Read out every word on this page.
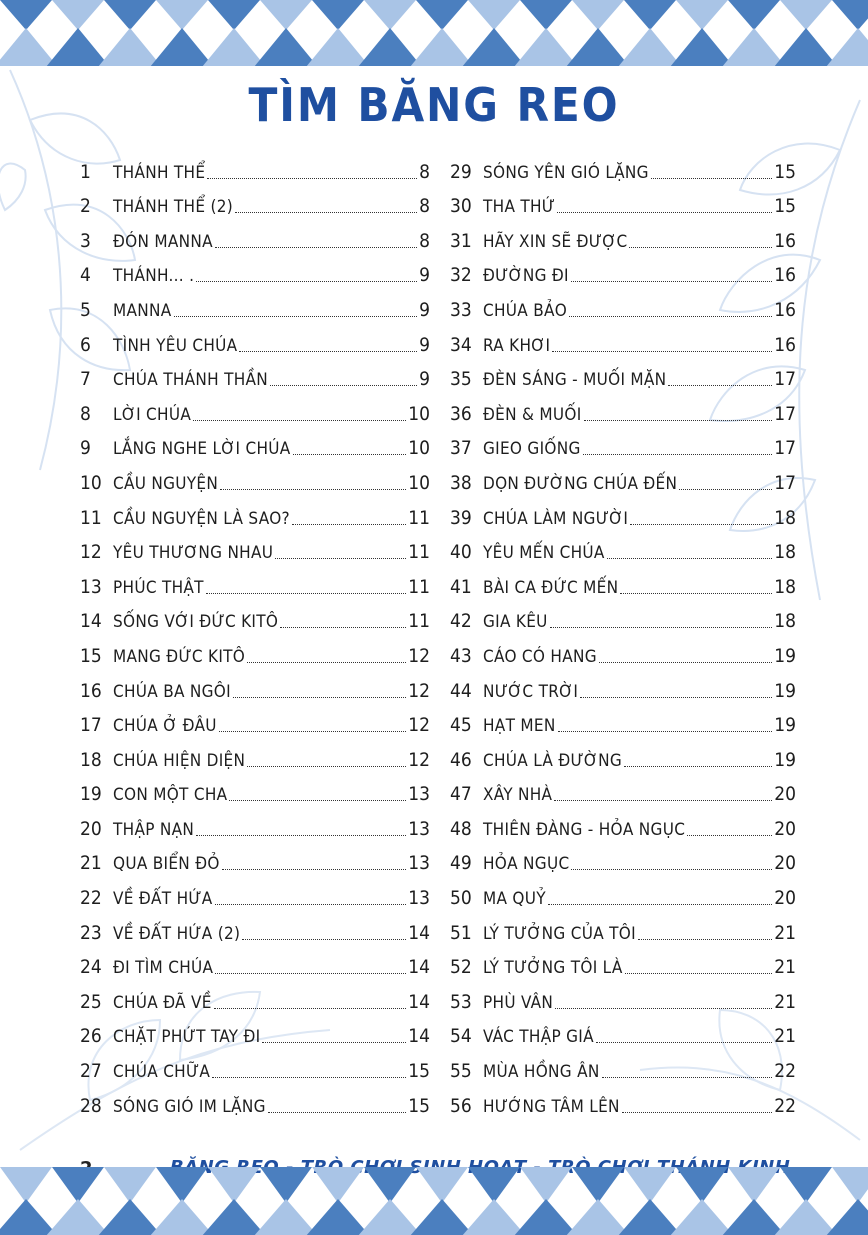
TÌM BĂNG REO
1	THÁNH THỂ	8
2	THÁNH THỂ (2)	8
3	ĐÓN MANNA	8
4	THÁNH... .	9
5	MANNA	9
6	TÌNH YÊU CHÚA	9
7	CHÚA THÁNH THẦN	9
8	LỜI CHÚA	10
9	LẮNG NGHE LỜI CHÚA	10
10 CẦU NGUYỆN	10
11 CẦU NGUYỆN LÀ SAO?	11
12 YÊU THƯƠNG NHAU	11
13 PHÚC THẬT	11
14 SỐNG VỚI ĐỨC KITÔ	11
15 MANG ĐỨC KITÔ	12
16 CHÚA BA NGÔI	12
17 CHÚA Ở ĐÂU	12
18 CHÚA HIỆN DIỆN	12
19 CON MỘT CHA	13
20 THẬP NẠN	13
21 QUA BIỂN ĐỎ	13
22 VỀ ĐẤT HỨA	13
23 VỀ ĐẤT HỨA (2)	14
24 ĐI TÌM CHÚA	14
25 CHÚA ĐÃ VỀ	14
26 CHẶT PHỨT TAY ĐI	14
27 CHÚA CHỮA	15
28 SÓNG GIÓ IM LẶNG	15
29 SÓNG YÊN GIÓ LẶNG	15
30 THA THỨ	15
31 HÃY XIN SẼ ĐƯỢC	16
32 ĐƯỜNG ĐI	16
33 CHÚA BẢO	16
34 RA KHƠI	16
35 ĐÈN SÁNG - MUỐI MẶN	17
36 ĐÈN & MUỐI	17
37 GIEO GIỐNG	17
38 DỌN ĐƯỜNG CHÚA ĐẾN	17
39 CHÚA LÀM NGƯỜI	18
40 YÊU MẾN CHÚA	18
41 BÀI CA ĐỨC MẾN	18
42 GIA KÊU	18
43 CÁO CÓ HANG	19
44 NƯỚC TRỜI	19
45 HẠT MEN	19
46 CHÚA LÀ ĐƯỜNG	19
47 XÂY NHÀ	20
48 THIÊN ĐÀNG - HỎA NGỤC	20
49 HỎA NGỤC	20
50 MA QUỶ	20
51 LÝ TƯỞNG CỦA TÔI	21
52 LÝ TƯỞNG TÔI LÀ	21
53 PHÙ VÂN	21
54 VÁC THẬP GIÁ	21
55 MÙA HỒNG ÂN	22
56 HƯỚNG TÂM LÊN	22
CHƠI
